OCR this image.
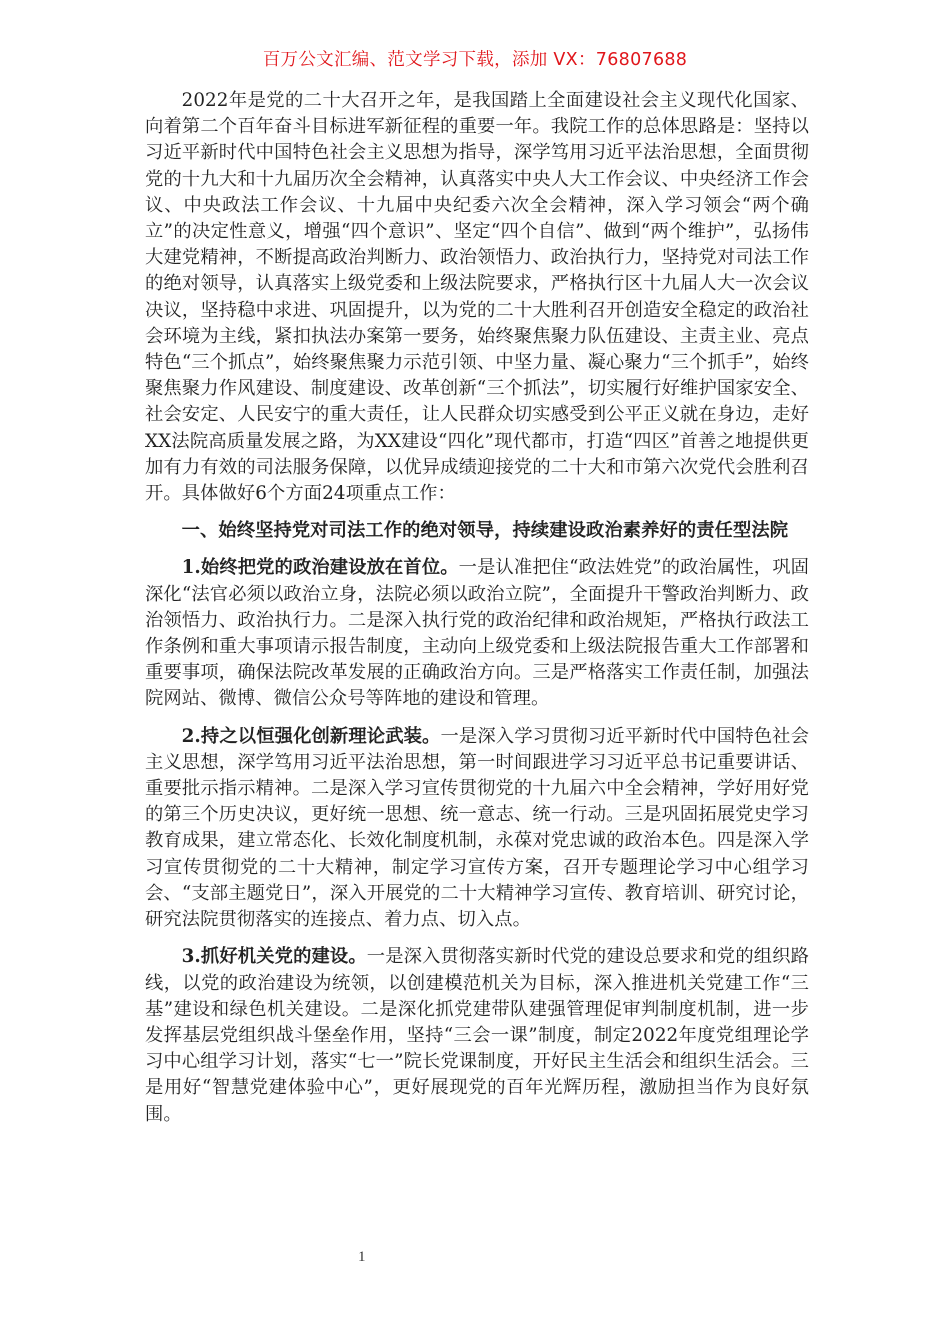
百万公文汇编、范文学习下载，添加 VX：76807688

2022年是党的二十大召开之年，是我国踏上全面建设社会主义现代化国家、向着第二个百年奋斗目标进军新征程的重要一年。我院工作的总体思路是：坚持以习近平新时代中国特色社会主义思想为指导，深学笃用习近平法治思想，全面贯彻党的十九大和十九届历次全会精神，认真落实中央人大工作会议、中央经济工作会议、中央政法工作会议、十九届中央纪委六次全会精神，深入学习领会“两个确立”的决定性意义，增强“四个意识”、坚定“四个自信”、做到“两个维护”，弘扬伟大建党精神，不断提高政治判断力、政治领悟力、政治执行力，坚持党对司法工作的绝对领导，认真落实上级党委和上级法院要求，严格执行区十九届人大一次会议决议，坚持稳中求进、巩固提升，以为党的二十大胜利召开创造安全稳定的政治社会环境为主线，紧扣执法办案第一要务，始终聚焦聚力队伍建设、主责主业、亮点特色“三个抓点”，始终聚焦聚力示范引领、中坚力量、凝心聚力“三个抓手”，始终聚焦聚力作风建设、制度建设、改革创新“三个抓法”，切实履行好维护国家安全、社会安定、人民安宁的重大责任，让人民群众切实感受到公平正义就在身边，走好XX法院高质量发展之路，为XX建设“四化”现代都市，打造“四区”首善之地提供更加有力有效的司法服务保障，以优异成绩迎接党的二十大和市第六次党代会胜利召开。具体做好6个方面24项重点工作：

一、始终坚持党对司法工作的绝对领导，持续建设政治素养好的责任型法院

1.始终把党的政治建设放在首位。一是认准把住“政法姓党”的政治属性，巩固深化“法官必须以政治立身，法院必须以政治立院”，全面提升干警政治判断力、政治领悟力、政治执行力。二是深入执行党的政治纪律和政治规矩，严格执行政法工作条例和重大事项请示报告制度，主动向上级党委和上级法院报告重大工作部署和重要事项，确保法院改革发展的正确政治方向。三是严格落实工作责任制，加强法院网站、微博、微信公众号等阵地的建设和管理。

2.持之以恒强化创新理论武装。一是深入学习贯彻习近平新时代中国特色社会主义思想，深学笃用习近平法治思想，第一时间跟进学习习近平总书记重要讲话、重要批示指示精神。二是深入学习宣传贯彻党的十九届六中全会精神，学好用好党的第三个历史决议，更好统一思想、统一意志、统一行动。三是巩固拓展党史学习教育成果，建立常态化、长效化制度机制，永葆对党忠诚的政治本色。四是深入学习宣传贯彻党的二十大精神，制定学习宣传方案，召开专题理论学习中心组学习会、“支部主题党日”，深入开展党的二十大精神学习宣传、教育培训、研究讨论，研究法院贯彻落实的连接点、着力点、切入点。

3.抓好机关党的建设。一是深入贯彻落实新时代党的建设总要求和党的组织路线，以党的政治建设为统领，以创建模范机关为目标，深入推进机关党建工作“三基”建设和绿色机关建设。二是深化抓党建带队建强管理促审判制度机制，进一步发挥基层党组织战斗堡垒作用，坚持“三会一课”制度，制定2022年度党组理论学习中心组学习计划，落实“七一”院长党课制度，开好民主生活会和组织生活会。三是用好“智慧党建体验中心”，更好展现党的百年光辉历程，激励担当作为良好氛围。

1
